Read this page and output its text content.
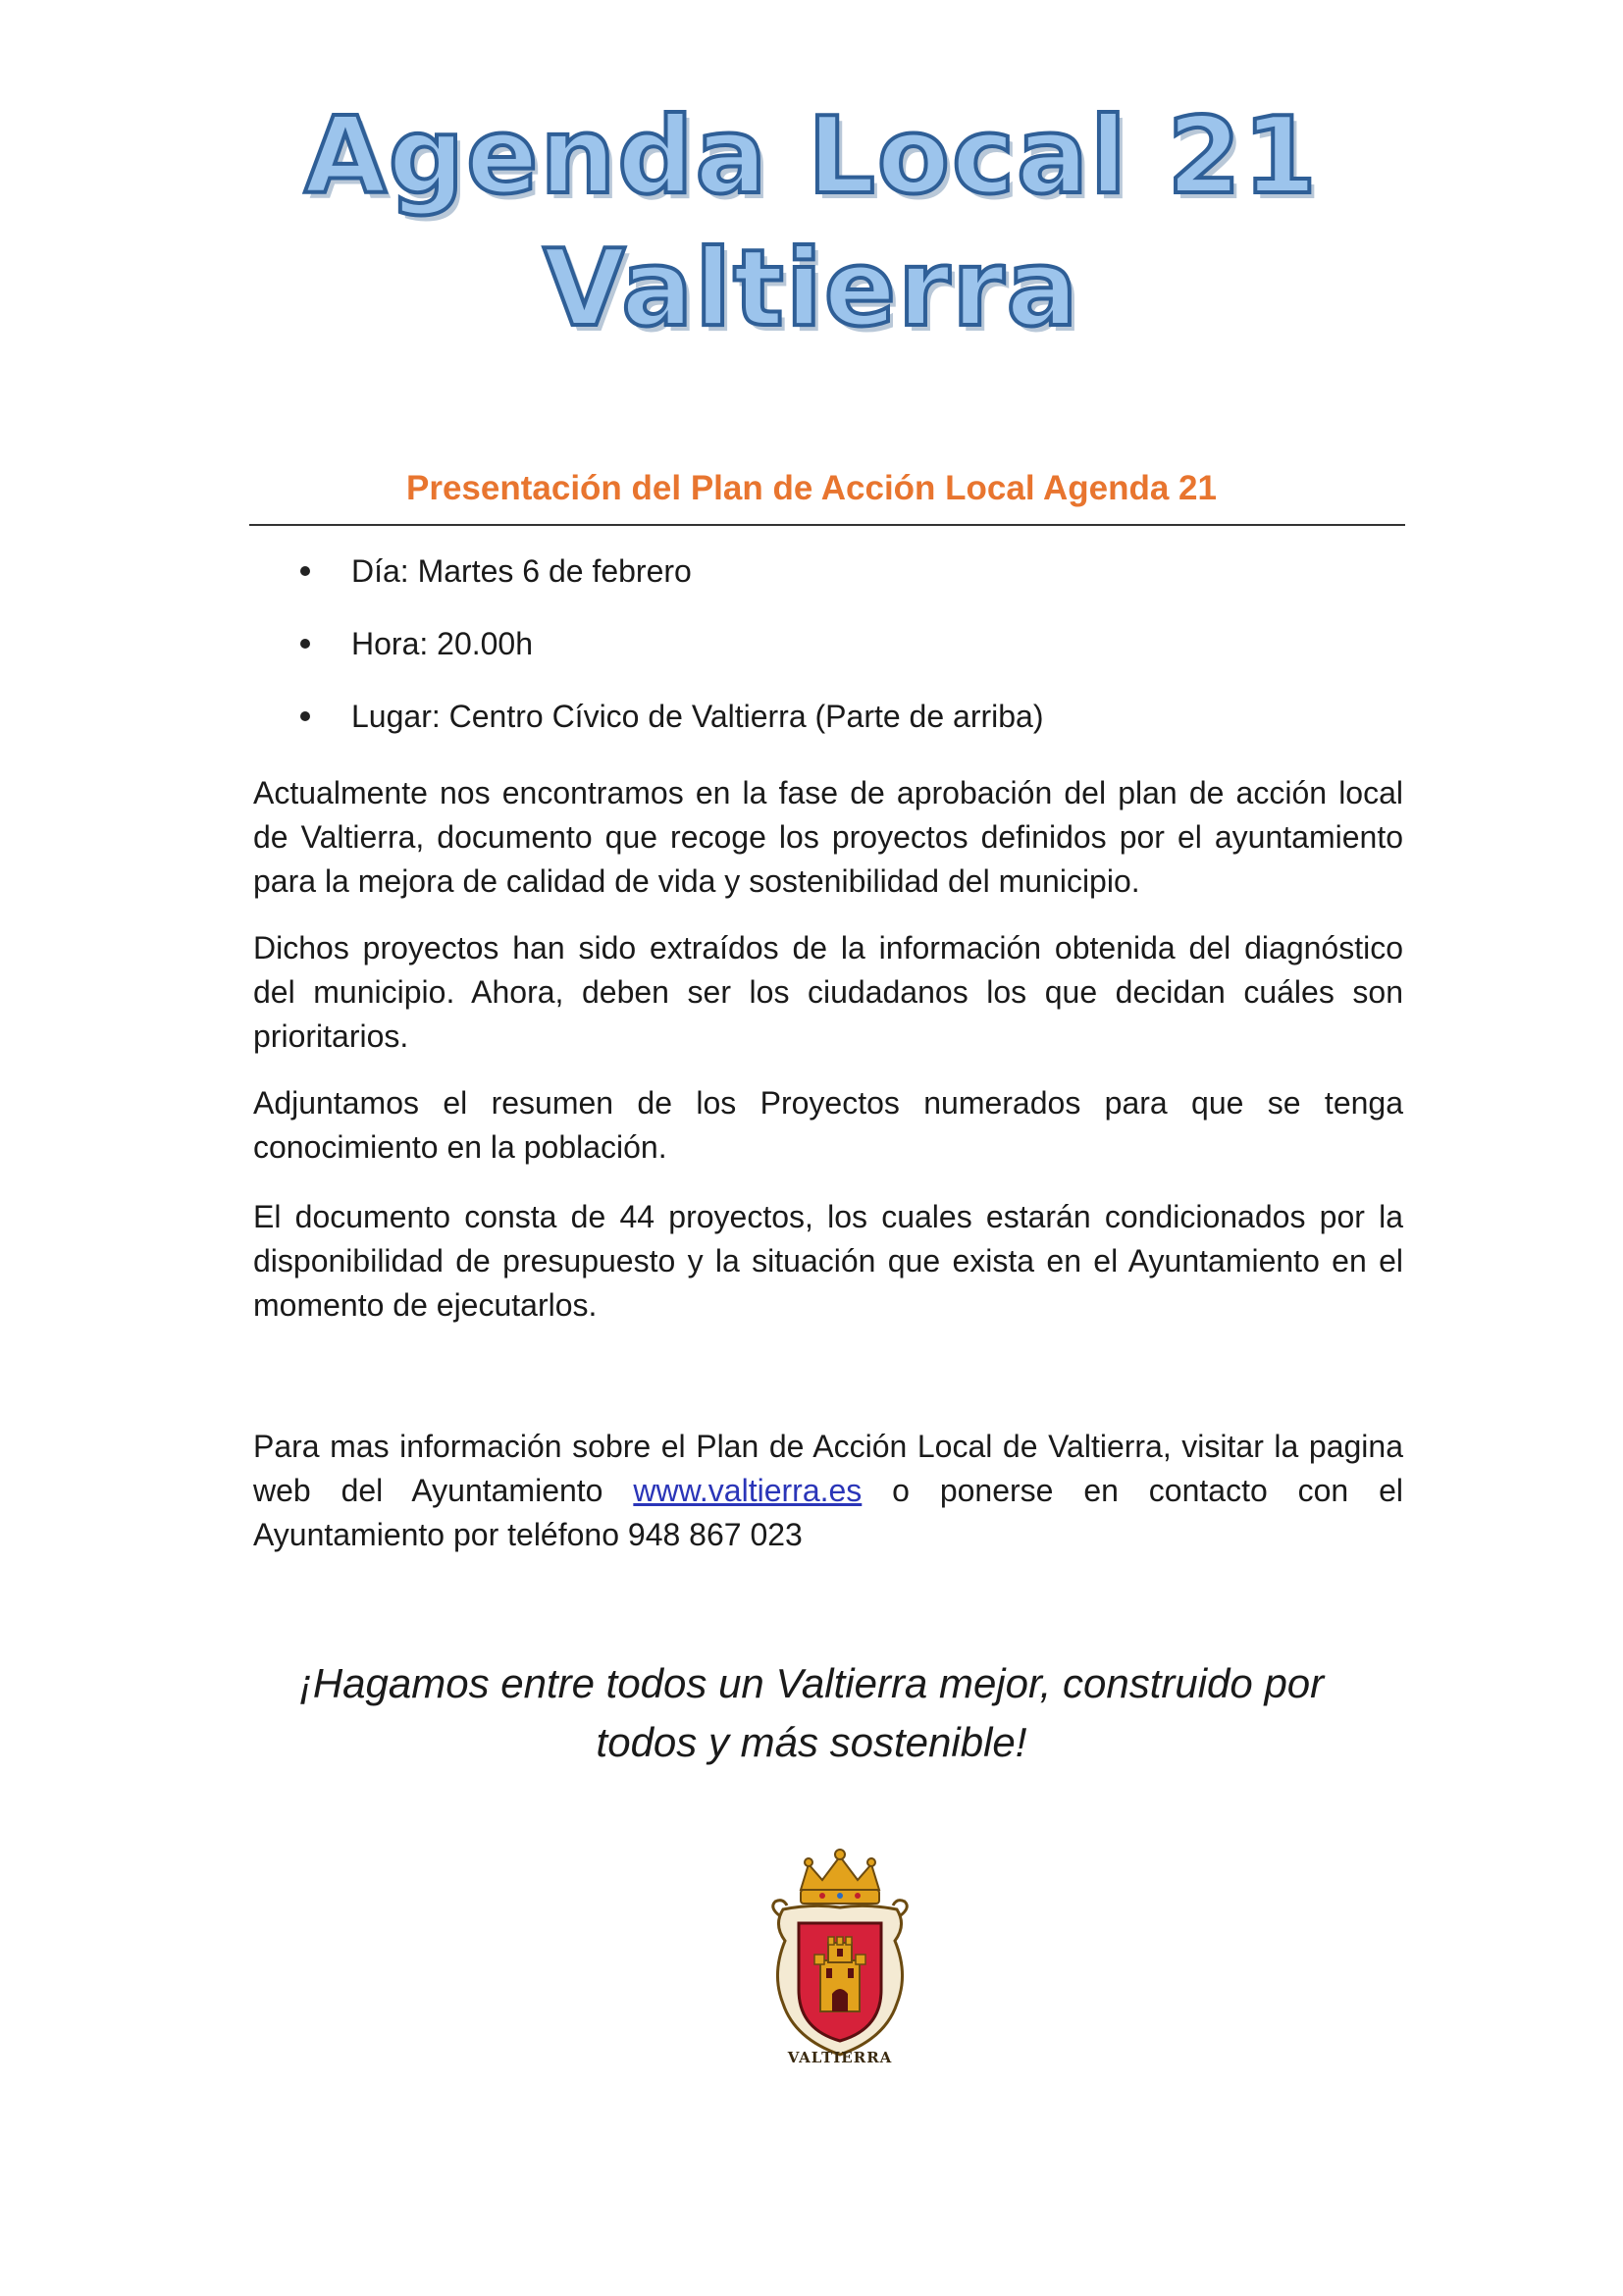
Agenda Local 21
Valtierra
Presentación del Plan de Acción Local Agenda 21
Día: Martes 6 de febrero
Hora: 20.00h
Lugar: Centro Cívico de Valtierra (Parte de arriba)

Actualmente nos encontramos en la fase de aprobación del plan de acción local de Valtierra, documento que recoge los proyectos definidos por el ayuntamiento para la mejora de calidad de vida y sostenibilidad del municipio.

Dichos proyectos han sido extraídos de la información obtenida del diagnóstico del municipio. Ahora, deben ser los ciudadanos los que decidan cuáles son prioritarios.

Adjuntamos el resumen de los Proyectos numerados para que se tenga conocimiento en la población.

El documento consta de 44 proyectos, los cuales estarán condicionados por la disponibilidad de presupuesto y la situación que exista en el Ayuntamiento en el momento de ejecutarlos.

Para mas información sobre el Plan de Acción Local de Valtierra, visitar la pagina web del Ayuntamiento www.valtierra.es o ponerse en contacto con el Ayuntamiento por teléfono 948 867 023

¡Hagamos entre todos un Valtierra mejor, construido por
todos y más sostenible!

VALTIERRA
